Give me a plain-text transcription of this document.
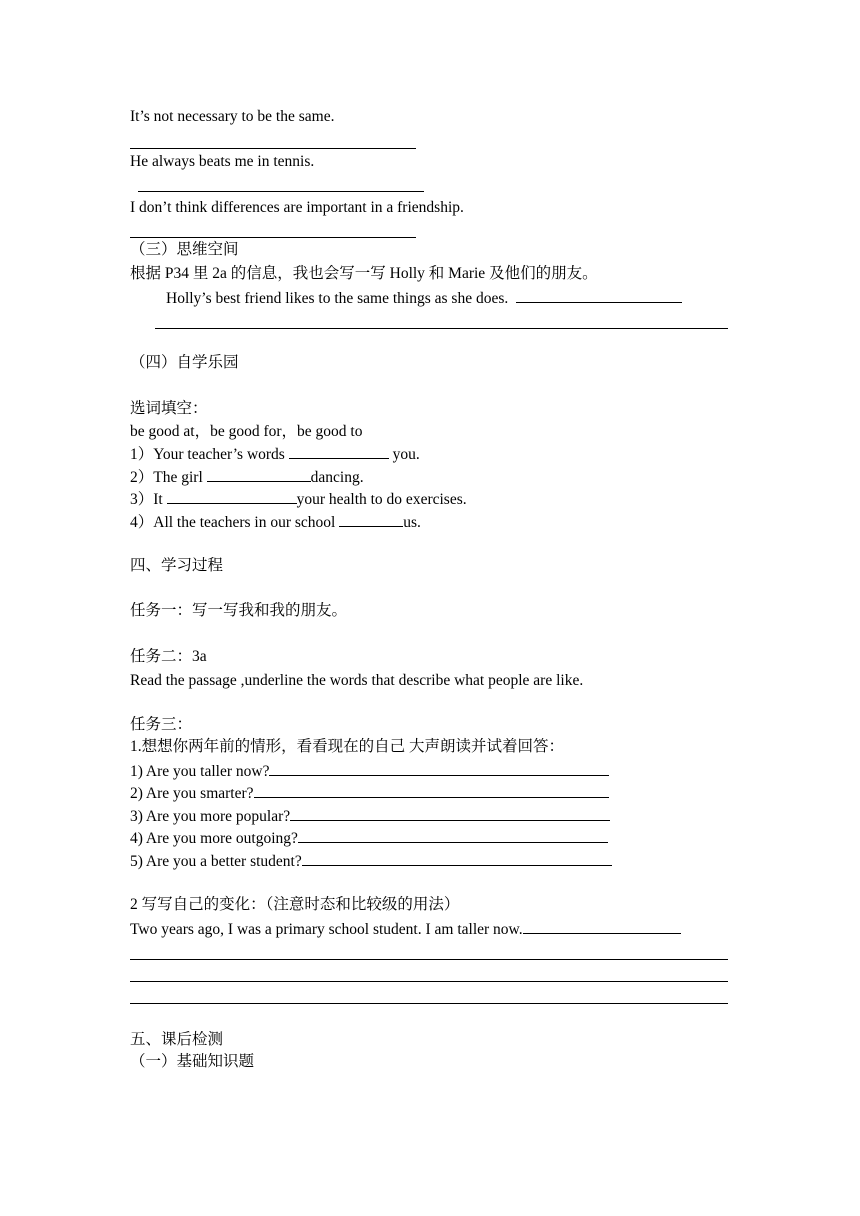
It’s not necessary to be the same.
He always beats me in tennis.
I don’t think differences are important in a friendship.
（三）思维空间
根据 P34 里 2a 的信息，我也会写一写 Holly 和 Marie 及他们的朋友。
Holly’s best friend likes to the same things as she does.
（四）自学乐园
选词填空：
be good at，be good for，be good to
1）Your teacher’s words	you.
2）The girl	dancing.
3）It	your health to do exercises.
4）All the teachers in our school	us.
四、学习过程
任务一：写一写我和我的朋友。
任务二：3a
Read the passage ,underline the words that describe what people are like.
任务三：
1.想想你两年前的情形，看看现在的自己 大声朗读并试着回答：
1) Are you taller now?
2) Are you smarter?
3) Are you more popular?
4) Are you more outgoing?
5) Are you a better student?
2 写写自己的变化：（注意时态和比较级的用法）
Two years ago, I was a primary school student. I am taller now.
五、课后检测
（一）基础知识题
